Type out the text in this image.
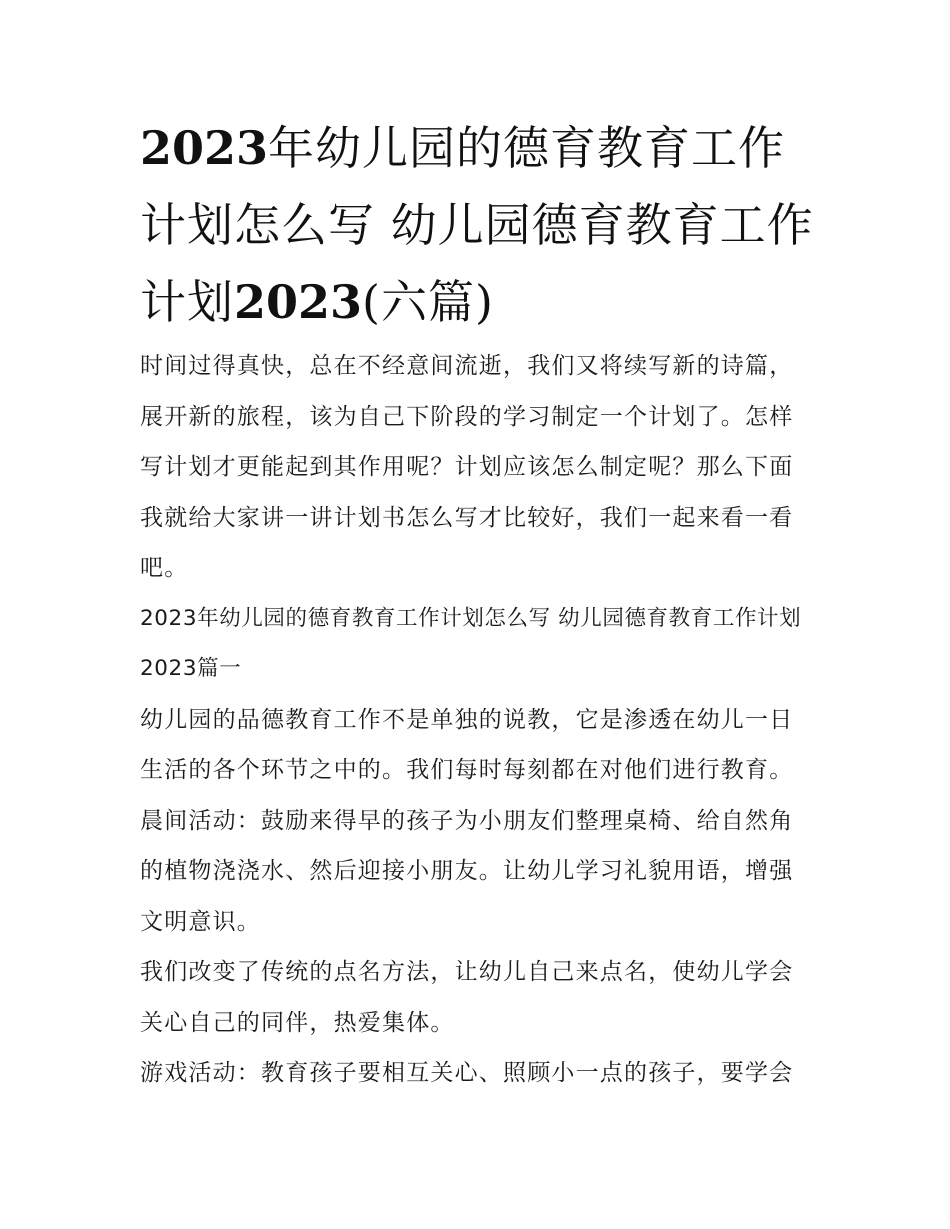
2023年幼儿园的德育教育工作计划怎么写 幼儿园德育教育工作计划2023(六篇)

时间过得真快，总在不经意间流逝，我们又将续写新的诗篇，展开新的旅程，该为自己下阶段的学习制定一个计划了。怎样写计划才更能起到其作用呢？计划应该怎么制定呢？那么下面我就给大家讲一讲计划书怎么写才比较好，我们一起来看一看吧。

2023年幼儿园的德育教育工作计划怎么写 幼儿园德育教育工作计划2023篇一

幼儿园的品德教育工作不是单独的说教，它是渗透在幼儿一日生活的各个环节之中的。我们每时每刻都在对他们进行教育。

晨间活动：鼓励来得早的孩子为小朋友们整理桌椅、给自然角的植物浇浇水、然后迎接小朋友。让幼儿学习礼貌用语，增强文明意识。

我们改变了传统的点名方法，让幼儿自己来点名，使幼儿学会关心自己的同伴，热爱集体。

游戏活动：教育孩子要相互关心、照顾小一点的孩子，要学会
